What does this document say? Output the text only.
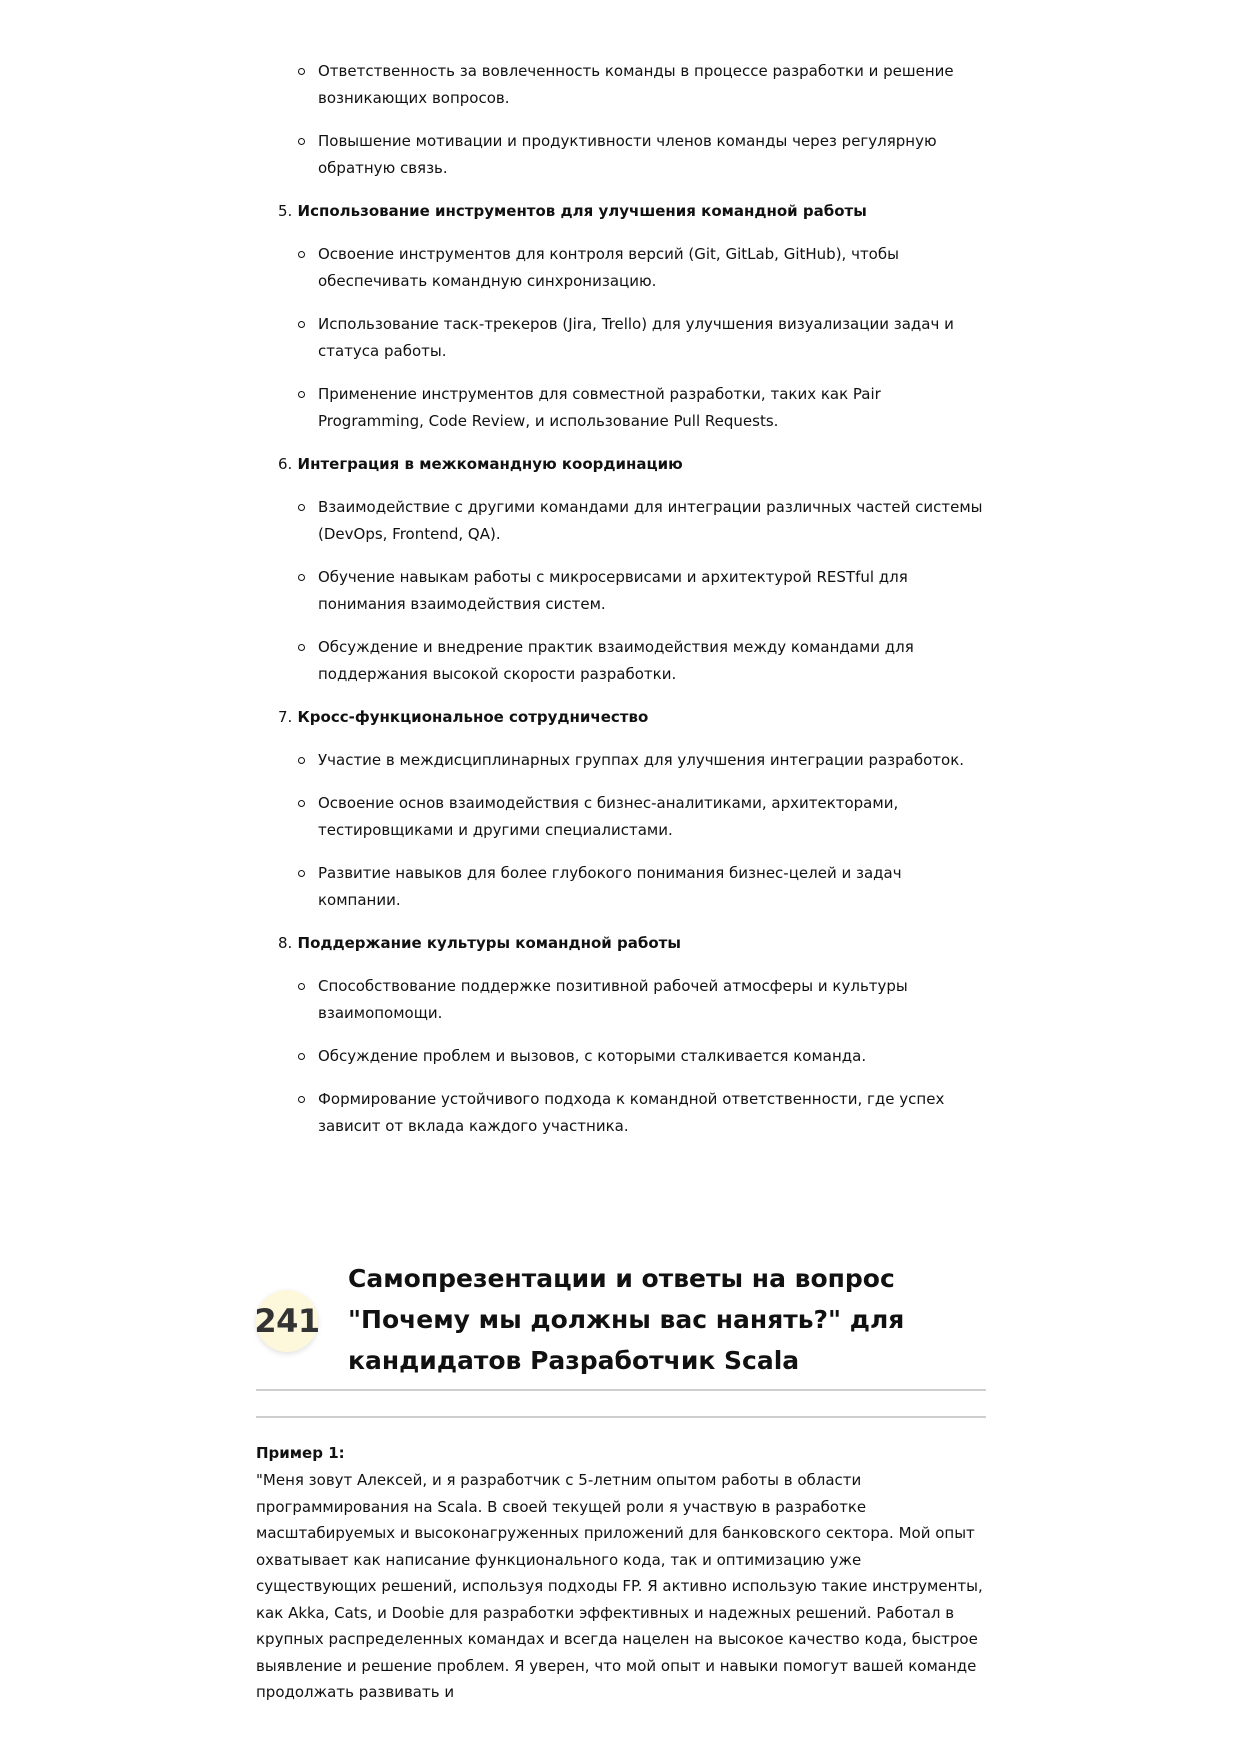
Ответственность за вовлеченность команды в процессе разработки и решение возникающих вопросов.
Повышение мотивации и продуктивности членов команды через регулярную обратную связь.
5. Использование инструментов для улучшения командной работы
Освоение инструментов для контроля версий (Git, GitLab, GitHub), чтобы обеспечивать командную синхронизацию.
Использование таск-трекеров (Jira, Trello) для улучшения визуализации задач и статуса работы.
Применение инструментов для совместной разработки, таких как Pair Programming, Code Review, и использование Pull Requests.
6. Интеграция в межкомандную координацию
Взаимодействие с другими командами для интеграции различных частей системы (DevOps, Frontend, QA).
Обучение навыкам работы с микросервисами и архитектурой RESTful для понимания взаимодействия систем.
Обсуждение и внедрение практик взаимодействия между командами для поддержания высокой скорости разработки.
7. Кросс-функциональное сотрудничество
Участие в междисциплинарных группах для улучшения интеграции разработок.
Освоение основ взаимодействия с бизнес-аналитиками, архитекторами, тестировщиками и другими специалистами.
Развитие навыков для более глубокого понимания бизнес-целей и задач компании.
8. Поддержание культуры командной работы
Способствование поддержке позитивной рабочей атмосферы и культуры взаимопомощи.
Обсуждение проблем и вызовов, с которыми сталкивается команда.
Формирование устойчивого подхода к командной ответственности, где успех зависит от вклада каждого участника.
241
Самопрезентации и ответы на вопрос "Почему мы должны вас нанять?" для кандидатов Разработчик Scala
Пример 1:

"Меня зовут Алексей, и я разработчик с 5-летним опытом работы в области программирования на Scala. В своей текущей роли я участвую в разработке масштабируемых и высоконагруженных приложений для банковского сектора. Мой опыт охватывает как написание функционального кода, так и оптимизацию уже существующих решений, используя подходы FP. Я активно использую такие инструменты, как Akka, Cats, и Doobie для разработки эффективных и надежных решений. Работал в крупных распределенных командах и всегда нацелен на высокое качество кода, быстрое выявление и решение проблем. Я уверен, что мой опыт и навыки помогут вашей команде продолжать развивать и
